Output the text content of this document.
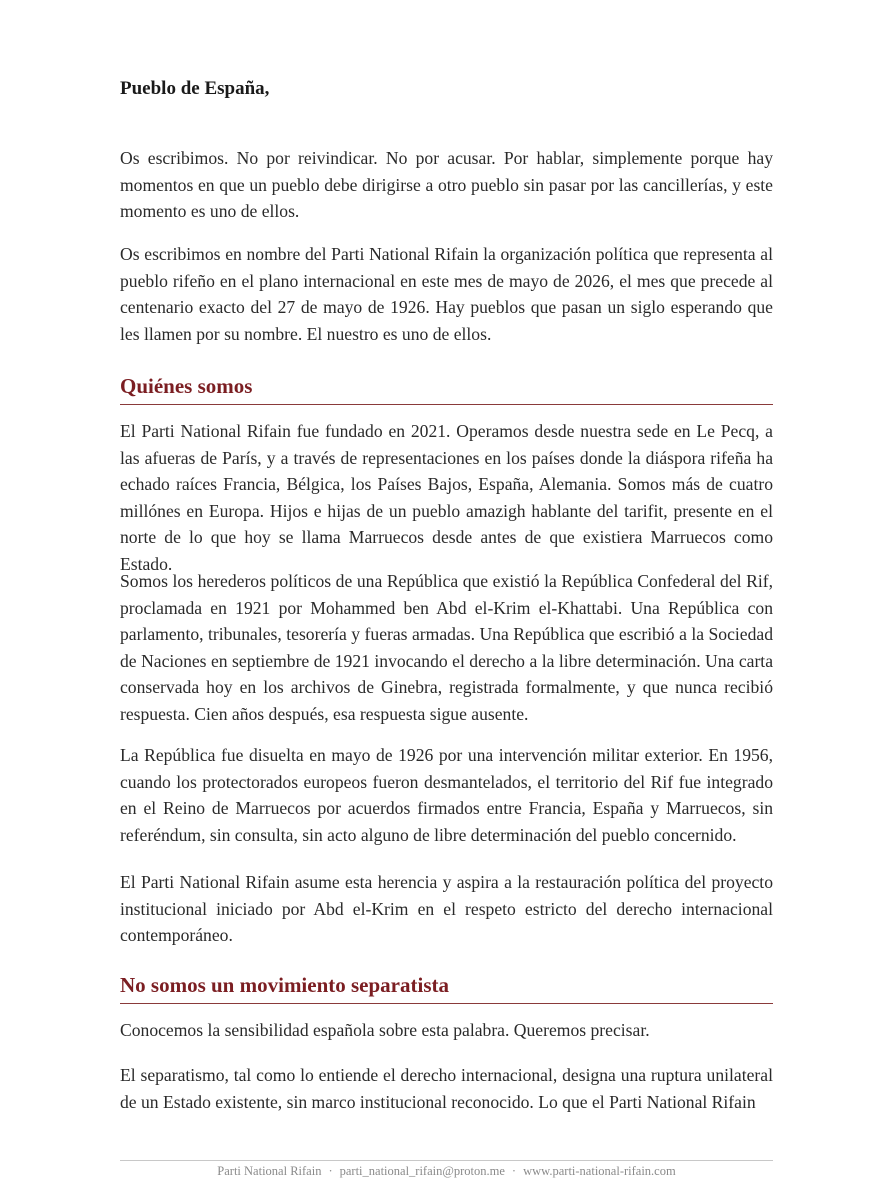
Pueblo de España,

Os escribimos. No por reivindicar. No por acusar. Por hablar, simplemente porque hay momentos en que un pueblo debe dirigirse a otro pueblo sin pasar por las cancillerías, y este momento es uno de ellos.

Os escribimos en nombre del Parti National Rifain la organización política que representa al pueblo rifeño en el plano internacional en este mes de mayo de 2026, el mes que precede al centenario exacto del 27 de mayo de 1926. Hay pueblos que pasan un siglo esperando que les llamen por su nombre. El nuestro es uno de ellos.

Quiénes somos

El Parti National Rifain fue fundado en 2021. Operamos desde nuestra sede en Le Pecq, a las afueras de París, y a través de representaciones en los países donde la diáspora rifeña ha echado raíces Francia, Bélgica, los Países Bajos, España, Alemania. Somos más de cuatro millónes en Europa. Hijos e hijas de un pueblo amazigh hablante del tarifit, presente en el norte de lo que hoy se llama Marruecos desde antes de que existiera Marruecos como Estado.

Somos los herederos políticos de una República que existió la República Confederal del Rif, proclamada en 1921 por Mohammed ben Abd el-Krim el-Khattabi. Una República con parlamento, tribunales, tesorería y fueras armadas. Una República que escribió a la Sociedad de Naciones en septiembre de 1921 invocando el derecho a la libre determinación. Una carta conservada hoy en los archivos de Ginebra, registrada formalmente, y que nunca recibió respuesta. Cien años después, esa respuesta sigue ausente.

La República fue disuelta en mayo de 1926 por una intervención militar exterior. En 1956, cuando los protectorados europeos fueron desmantelados, el territorio del Rif fue integrado en el Reino de Marruecos por acuerdos firmados entre Francia, España y Marruecos, sin referéndum, sin consulta, sin acto alguno de libre determinación del pueblo concernido.

El Parti National Rifain asume esta herencia y aspira a la restauración política del proyecto institucional iniciado por Abd el-Krim en el respeto estricto del derecho internacional contemporáneo.

No somos un movimiento separatista

Conocemos la sensibilidad española sobre esta palabra. Queremos precisar.

El separatismo, tal como lo entiende el derecho internacional, designa una ruptura unilateral de un Estado existente, sin marco institucional reconocido. Lo que el Parti National Rifain

Parti National Rifain · parti_national_rifain@proton.me · www.parti-national-rifain.com
